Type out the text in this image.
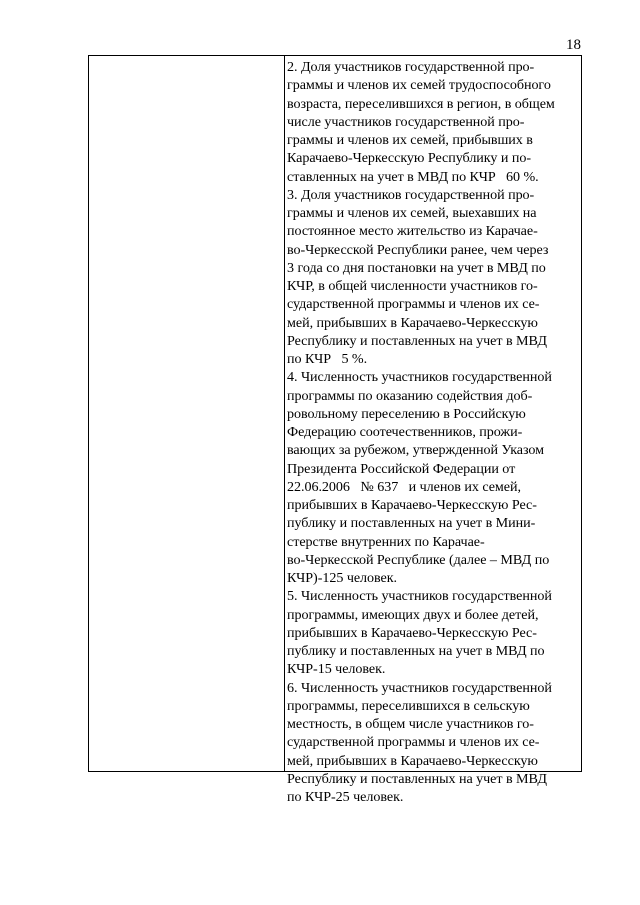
18
2. Доля участников государственной про-
граммы и членов их семей трудоспособного
возраста, переселившихся в регион, в общем
числе участников государственной про-
граммы и членов их семей, прибывших в
Карачаево-Черкесскую Республику и по-
ставленных на учет в МВД по КЧР   60 %.
3. Доля участников государственной про-
граммы и членов их семей, выехавших на
постоянное место жительство из Карачае-
во-Черкесской Республики ранее, чем через
3 года со дня постановки на учет в МВД по
КЧР, в общей численности участников го-
сударственной программы и членов их се-
мей, прибывших в Карачаево-Черкесскую
Республику и поставленных на учет в МВД
по КЧР   5 %.
4. Численность участников государственной
программы по оказанию содействия доб-
ровольному переселению в Российскую
Федерацию соотечественников, прожи-
вающих за рубежом, утвержденной Указом
Президента Российской Федерации от
22.06.2006   № 637   и членов их семей,
прибывших в Карачаево-Черкесскую Рес-
публику и поставленных на учет в Мини-
стерстве внутренних по Карачае-
во-Черкесской Республике (далее – МВД по
КЧР)-125 человек.
5. Численность участников государственной
программы, имеющих двух и более детей,
прибывших в Карачаево-Черкесскую Рес-
публику и поставленных на учет в МВД по
КЧР-15 человек.
6. Численность участников государственной
программы, переселившихся в сельскую
местность, в общем числе участников го-
сударственной программы и членов их се-
мей, прибывших в Карачаево-Черкесскую
Республику и поставленных на учет в МВД
по КЧР-25 человек.
